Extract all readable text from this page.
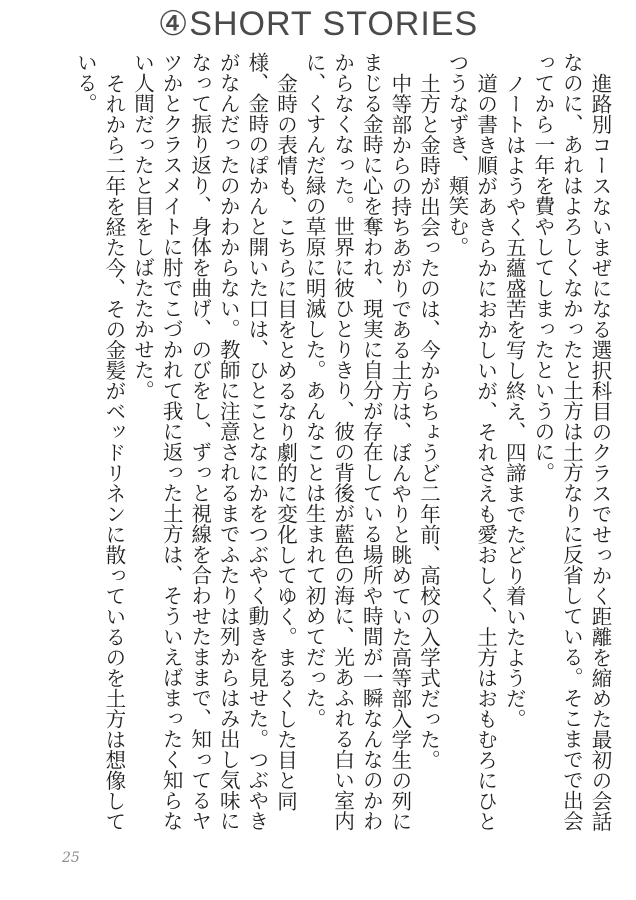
④SHORT STORIES

進路別コースないまぜになる選択科目のクラスでせっかく距離を縮めた最初の会話なのに、あれはよろしくなかったと土方は土方なりに反省している。そこまでで出会ってから一年を費やしてしまったというのに。

ノートはようやく五蘊盛苦を写し終え、四諦までたどり着いたようだ。

道の書き順があきらかにおかしいが、それさえも愛おしく、土方はおもむろにひとつうなずき、頬笑む。

土方と金時が出会ったのは、今からちょうど二年前、高校の入学式だった。

中等部からの持ちあがりである土方は、ぼんやりと眺めていた高等部入学生の列にまじる金時に心を奪われ、現実に自分が存在している場所や時間が一瞬なんなのかわからなくなった。世界に彼ひとりきり、彼の背後が藍色の海に、光あふれる白い室内に、くすんだ緑の草原に明滅した。あんなことは生まれて初めてだった。

金時の表情も、こちらに目をとめるなり劇的に変化してゆく。まるくした目と同様、金時のぽかんと開いた口は、ひとことなにかをつぶやく動きを見せた。つぶやきがなんだったのかわからない。教師に注意されるまでふたりは列からはみ出し気味になって振り返り、身体を曲げ、のびをし、ずっと視線を合わせたままで、知ってるヤツかとクラスメイトに肘でこづかれて我に返った土方は、そういえばまったく知らない人間だったと目をしばたたかせた。

それから二年を経た今、その金髪がベッドリネンに散っているのを土方は想像している。

25
